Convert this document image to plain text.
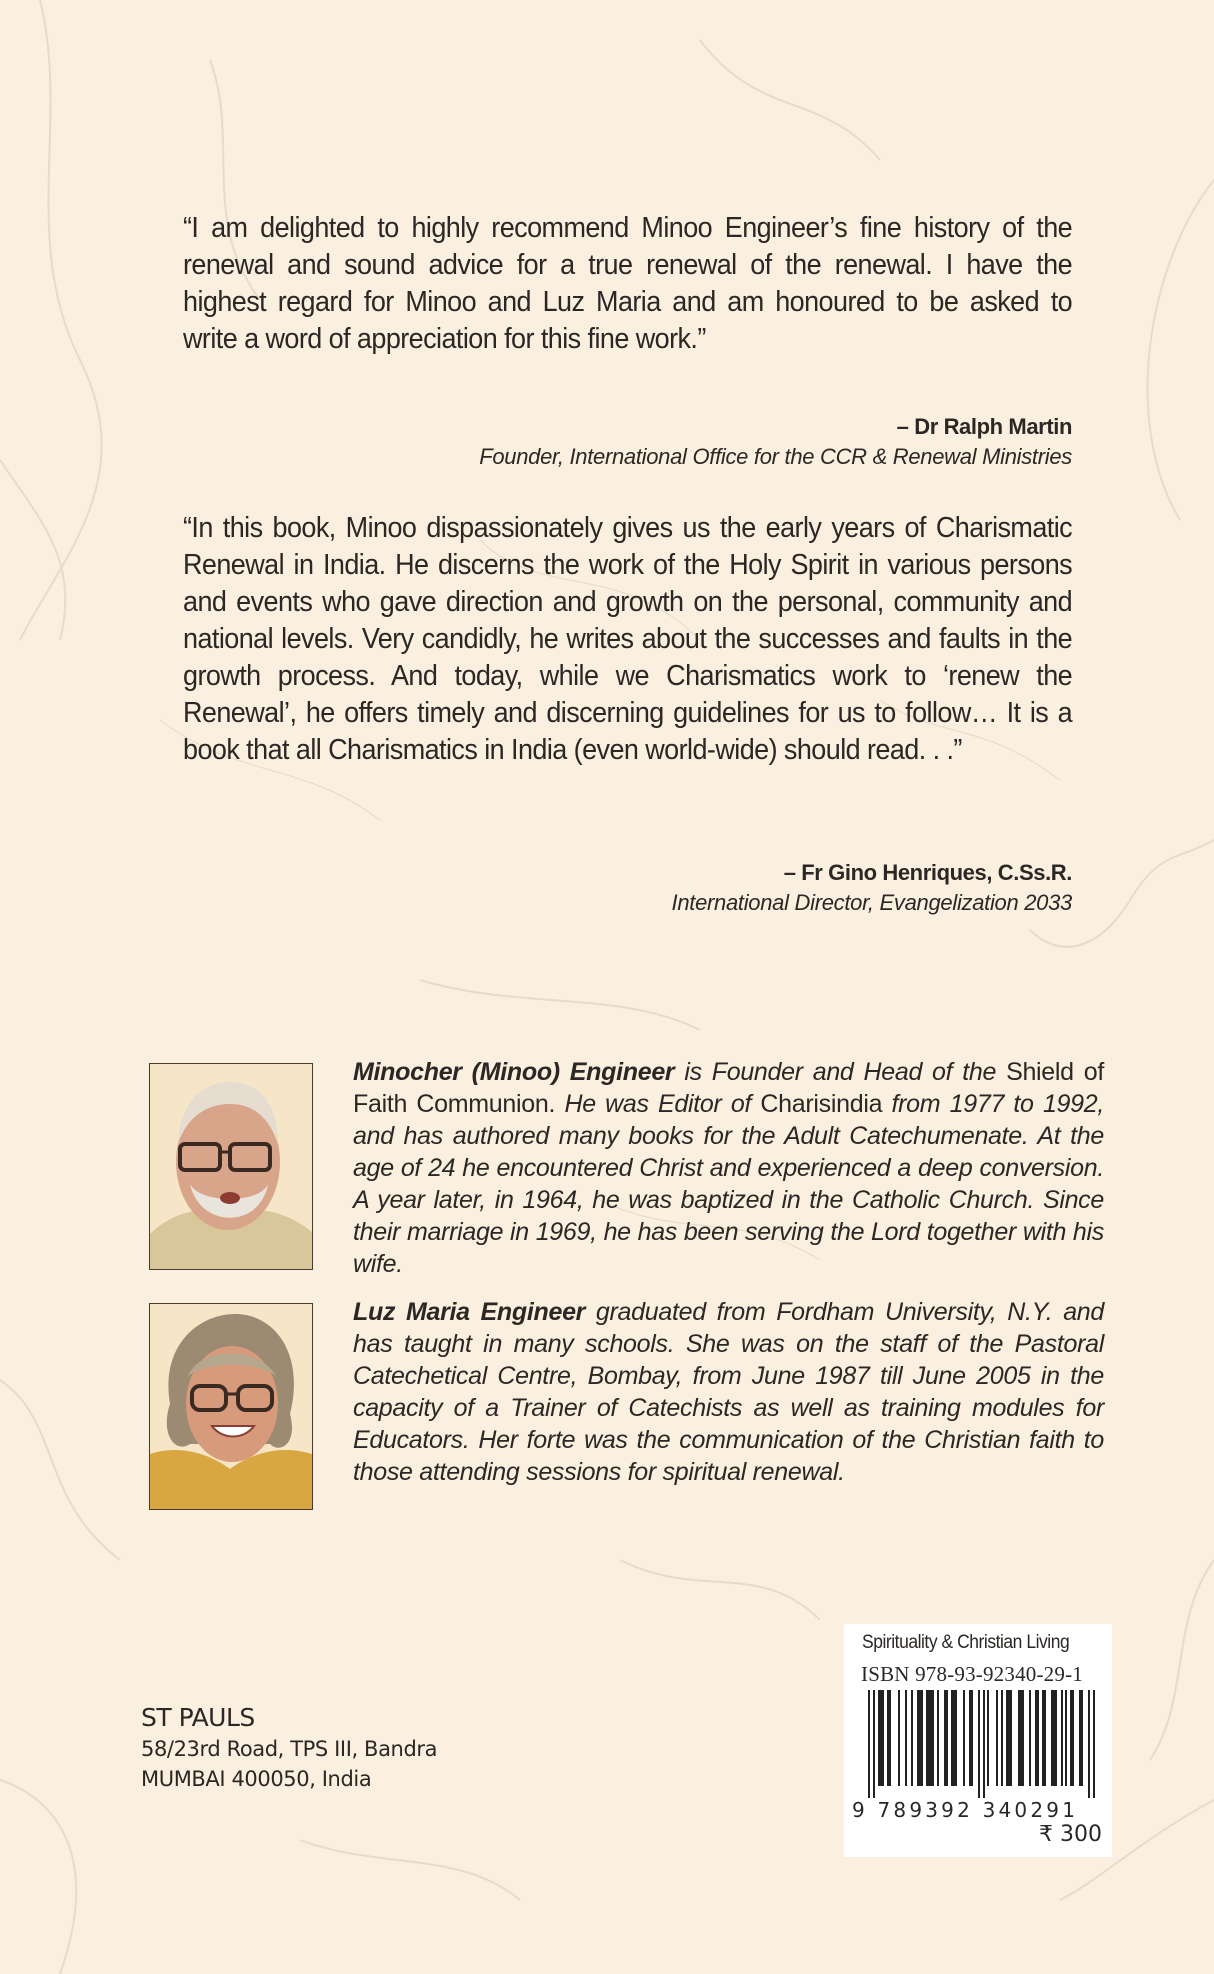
“I am delighted to highly recommend Minoo Engineer’s fine history of the renewal and sound advice for a true renewal of the renewal. I have the highest regard for Minoo and Luz Maria and am honoured to be asked to write a word of appreciation for this fine work.”

– Dr Ralph Martin
Founder, International Office for the CCR & Renewal Ministries

“In this book, Minoo dispassionately gives us the early years of Charismatic Renewal in India. He discerns the work of the Holy Spirit in various persons and events who gave direction and growth on the personal, community and national levels. Very candidly, he writes about the successes and faults in the growth process. And today, while we Charismatics work to ‘renew the Renewal’, he offers timely and discerning guidelines for us to follow… It is a book that all Charismatics in India (even world-wide) should read. . .”

– Fr Gino Henriques, C.Ss.R.
International Director, Evangelization 2033

Minocher (Minoo) Engineer is Founder and Head of the Shield of Faith Communion. He was Editor of Charisindia from 1977 to 1992, and has authored many books for the Adult Catechumenate. At the age of 24 he encountered Christ and experienced a deep conversion. A year later, in 1964, he was baptized in the Catholic Church. Since their marriage in 1969, he has been serving the Lord together with his wife.

Luz Maria Engineer graduated from Fordham University, N.Y. and has taught in many schools. She was on the staff of the Pastoral Catechetical Centre, Bombay, from June 1987 till June 2005 in the capacity of a Trainer of Catechists as well as training modules for Educators. Her forte was the communication of the Christian faith to those attending sessions for spiritual renewal.

ST PAULS
58/23rd Road, TPS III, Bandra
MUMBAI 400050, India
Spirituality & Christian Living
ISBN 978-93-92340-29-1
9 789392 340291
₹ 300
